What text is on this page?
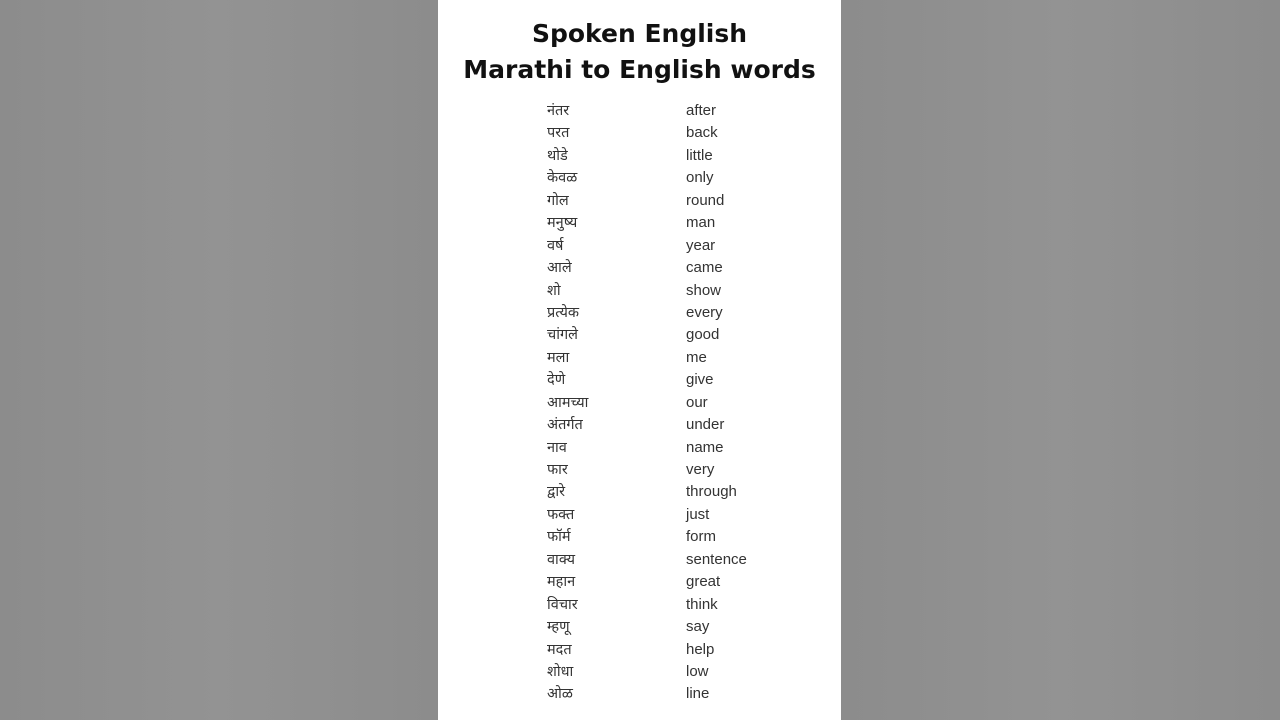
Spoken English
Marathi to English words
नंतर	after
परत	back
थोडे	little
केवळ	only
गोल	round
मनुष्य	man
वर्ष	year
आले	came
शो	show
प्रत्येक	every
चांगले	good
मला	me
देणे	give
आमच्या	our
अंतर्गत	under
नाव	name
फार	very
द्वारे	through
फक्त	just
फॉर्म	form
वाक्य	sentence
महान	great
विचार	think
म्हणू	say
मदत	help
शोधा	low
ओळ	line
